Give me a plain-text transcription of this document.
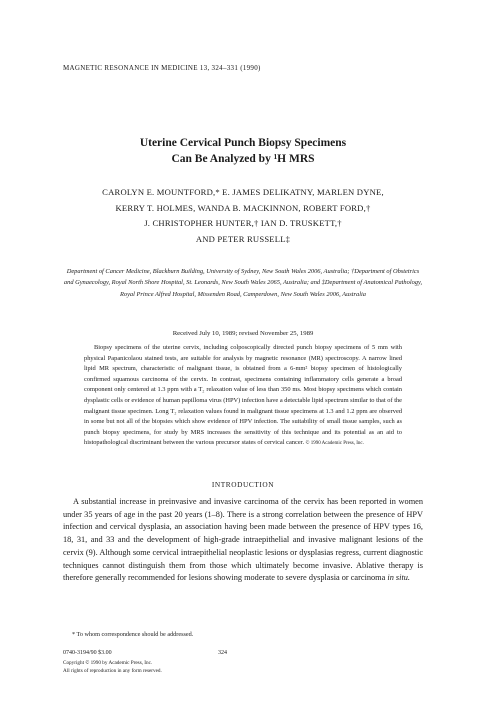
MAGNETIC RESONANCE IN MEDICINE 13, 324–331 (1990)
Uterine Cervical Punch Biopsy Specimens
Can Be Analyzed by ¹H MRS
CAROLYN E. MOUNTFORD,* E. JAMES DELIKATNY, MARLEN DYNE,
KERRY T. HOLMES, WANDA B. MACKINNON, ROBERT FORD,†
J. CHRISTOPHER HUNTER,† IAN D. TRUSKETT,†
AND PETER RUSSELL‡
Department of Cancer Medicine, Blackburn Building, University of Sydney, New South Wales 2006, Australia; †Department of Obstetrics and Gynaecology, Royal North Shore Hospital, St. Leonards, New South Wales 2065, Australia; and ‡Department of Anatomical Pathology, Royal Prince Alfred Hospital, Missenden Road, Camperdown, New South Wales 2006, Australia
Received July 10, 1989; revised November 25, 1989
Biopsy specimens of the uterine cervix, including colposcopically directed punch biopsy specimens of 5 mm with physical Papanicolaou stained tests, are suitable for analysis by magnetic resonance (MR) spectroscopy. A narrow lined lipid MR spectrum, characteristic of malignant tissue, is obtained from a 6-mm² biopsy specimen of histologically confirmed squamous carcinoma of the cervix. In contrast, specimens containing inflammatory cells generate a broad component only centered at 1.3 ppm with a T₂ relaxation value of less than 350 ms. Most biopsy specimens which contain dysplastic cells or evidence of human papilloma virus (HPV) infection have a detectable lipid spectrum similar to that of the malignant tissue specimen. Long T₂ relaxation values found in malignant tissue specimens at 1.3 and 1.2 ppm are observed in some but not all of the biopsies which show evidence of HPV infection. The suitability of small tissue samples, such as punch biopsy specimens, for study by MRS increases the sensitivity of this technique and its potential as an aid to histopathological discriminant between the various precursor states of cervical cancer. © 1990 Academic Press, Inc.
INTRODUCTION
A substantial increase in preinvasive and invasive carcinoma of the cervix has been reported in women under 35 years of age in the past 20 years (1–8). There is a strong correlation between the presence of HPV infection and cervical dysplasia, an association having been made between the presence of HPV types 16, 18, 31, and 33 and the development of high-grade intraepithelial and invasive malignant lesions of the cervix (9). Although some cervical intraepithelial neoplastic lesions or dysplasias regress, current diagnostic techniques cannot distinguish them from those which ultimately become invasive. Ablative therapy is therefore generally recommended for lesions showing moderate to severe dysplasia or carcinoma in situ.
* To whom correspondence should be addressed.
0740-3194/90 $3.00	324
Copyright © 1990 by Academic Press, Inc.
All rights of reproduction in any form reserved.
